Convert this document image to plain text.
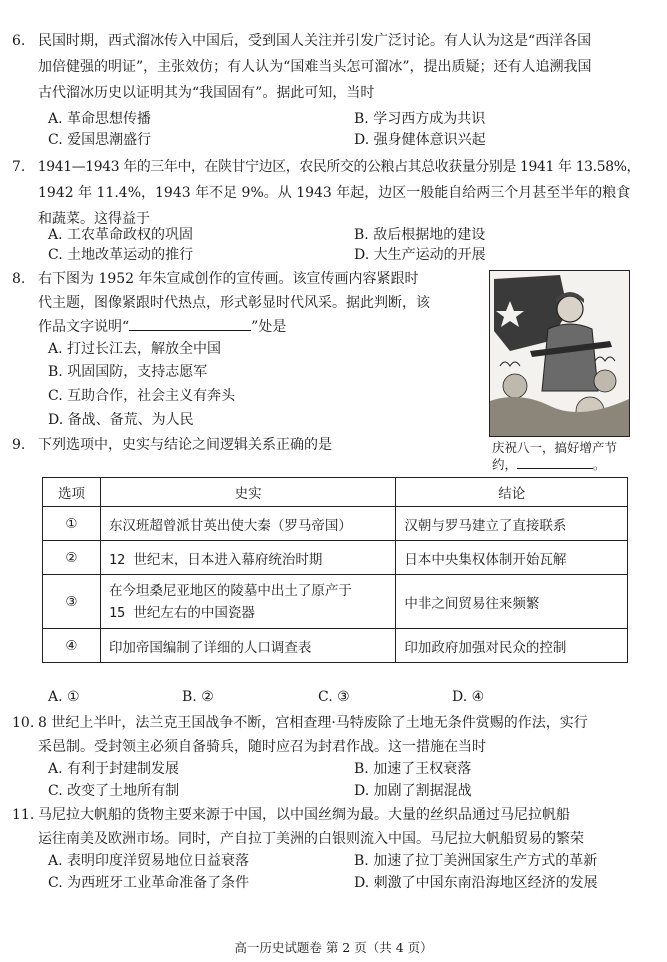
6. 民国时期，西式溜冰传入中国后，受到国人关注并引发广泛讨论。有人认为这是“西洋各国
加倍健强的明证”，主张效仿；有人认为“国难当头怎可溜冰”，提出质疑；还有人追溯我国
古代溜冰历史以证明其为“我国固有”。据此可知，当时
A. 革命思想传播	B. 学习西方成为共识
C. 爱国思潮盛行	D. 强身健体意识兴起
7. 1941—1943 年的三年中，在陕甘宁边区，农民所交的公粮占其总收获量分别是 1941 年 13.58%，
1942 年 11.4%，1943 年不足 9%。从 1943 年起，边区一般能自给两三个月甚至半年的粮食
和蔬菜。这得益于
A. 工农革命政权的巩固	B. 敌后根据地的建设
C. 土地改革运动的推行	D. 大生产运动的开展
8. 右下图为 1952 年朱宣咸创作的宣传画。该宣传画内容紧跟时
代主题，图像紧跟时代热点，形式彰显时代风采。据此判断，该
作品文字说明“	”处是
A. 打过长江去，解放全中国
B. 巩固国防，支持志愿军
C. 互助合作，社会主义有奔头
D. 备战、备荒、为人民
庆祝八一，搞好增产节
约，	。
9. 下列选项中，史实与结论之间逻辑关系正确的是
选项	史实	结论
①	东汉班超曾派甘英出使大秦（罗马帝国）	汉朝与罗马建立了直接联系
②	12 世纪末，日本进入幕府统治时期	日本中央集权体制开始瓦解
③	在今坦桑尼亚地区的陵墓中出土了原产于
15 世纪左右的中国瓷器	中非之间贸易往来频繁
④	印加帝国编制了详细的人口调查表	印加政府加强对民众的控制
A. ①	B. ②	C. ③	D. ④
10. 8 世纪上半叶，法兰克王国战争不断，宫相查理·马特废除了土地无条件赏赐的作法，实行
采邑制。受封领主必须自备骑兵，随时应召为封君作战。这一措施在当时
A. 有利于封建制发展	B. 加速了王权衰落
C. 改变了土地所有制	D. 加剧了割据混战
11. 马尼拉大帆船的货物主要来源于中国，以中国丝绸为最。大量的丝织品通过马尼拉帆船
运往南美及欧洲市场。同时，产自拉丁美洲的白银则流入中国。马尼拉大帆船贸易的繁荣
A. 表明印度洋贸易地位日益衰落	B. 加速了拉丁美洲国家生产方式的革新
C. 为西班牙工业革命准备了条件	D. 刺激了中国东南沿海地区经济的发展
高一历史试题卷 第 2 页（共 4 页）
